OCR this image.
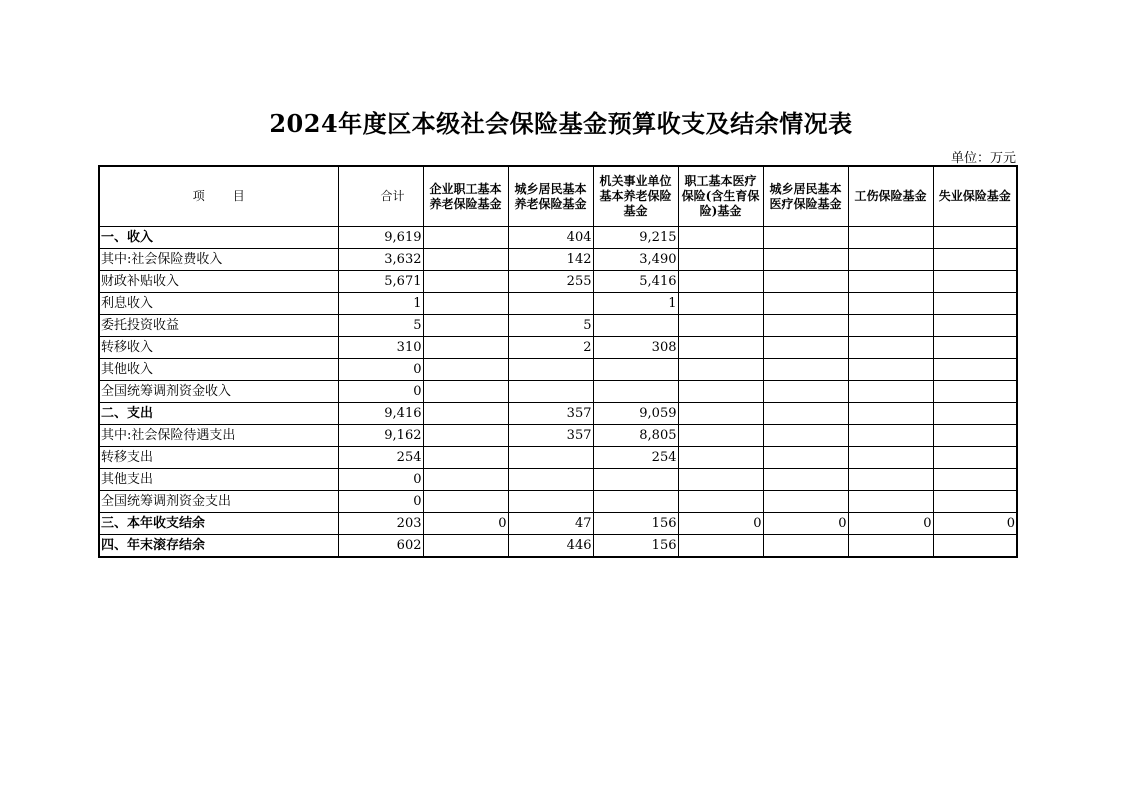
2024年度区本级社会保险基金预算收支及结余情况表
单位：万元
项 目	合计	企业职工基本养老保险基金	城乡居民基本养老保险基金	机关事业单位基本养老保险基金	职工基本医疗保险(含生育保险)基金	城乡居民基本医疗保险基金	工伤保险基金	失业保险基金
一、收入	9,619		404	9,215				
其中:社会保险费收入	3,632		142	3,490				
财政补贴收入	5,671		255	5,416				
利息收入	1			1				
委托投资收益	5		5					
转移收入	310		2	308				
其他收入	0							
全国统筹调剂资金收入	0							
二、支出	9,416		357	9,059				
其中:社会保险待遇支出	9,162		357	8,805				
转移支出	254			254				
其他支出	0							
全国统筹调剂资金支出	0							
三、本年收支结余	203	0	47	156	0	0	0	0
四、年末滚存结余	602		446	156				
